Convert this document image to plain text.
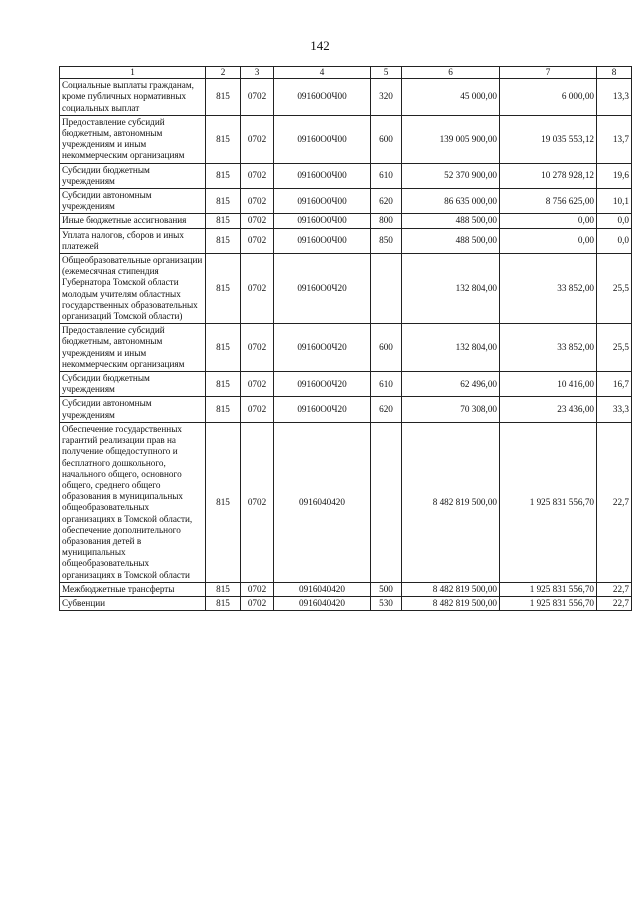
142
1	2	3	4	5	6	7	8
Социальные выплаты гражданам, кроме публичных нормативных социальных выплат	815	0702	09160О0Ч00	320	45 000,00	6 000,00	13,3
Предоставление субсидий бюджетным, автономным учреждениям и иным некоммерческим организациям	815	0702	09160О0Ч00	600	139 005 900,00	19 035 553,12	13,7
Субсидии бюджетным учреждениям	815	0702	09160О0Ч00	610	52 370 900,00	10 278 928,12	19,6
Субсидии автономным учреждениям	815	0702	09160О0Ч00	620	86 635 000,00	8 756 625,00	10,1
Иные бюджетные ассигнования	815	0702	09160О0Ч00	800	488 500,00	0,00	0,0
Уплата налогов, сборов и иных платежей	815	0702	09160О0Ч00	850	488 500,00	0,00	0,0
Общеобразовательные организации (ежемесячная стипендия Губернатора Томской области молодым учителям областных государственных образовательных организаций Томской области)	815	0702	09160О0Ч20		132 804,00	33 852,00	25,5
Предоставление субсидий бюджетным, автономным учреждениям и иным некоммерческим организациям	815	0702	09160О0Ч20	600	132 804,00	33 852,00	25,5
Субсидии бюджетным учреждениям	815	0702	09160О0Ч20	610	62 496,00	10 416,00	16,7
Субсидии автономным учреждениям	815	0702	09160О0Ч20	620	70 308,00	23 436,00	33,3
Обеспечение государственных гарантий реализации прав на получение общедоступного и бесплатного дошкольного, начального общего, основного общего, среднего общего образования в муниципальных общеобразовательных организациях в Томской области, обеспечение дополнительного образования детей в муниципальных общеобразовательных организациях в Томской области	815	0702	0916040420		8 482 819 500,00	1 925 831 556,70	22,7
Межбюджетные трансферты	815	0702	0916040420	500	8 482 819 500,00	1 925 831 556,70	22,7
Субвенции	815	0702	0916040420	530	8 482 819 500,00	1 925 831 556,70	22,7
